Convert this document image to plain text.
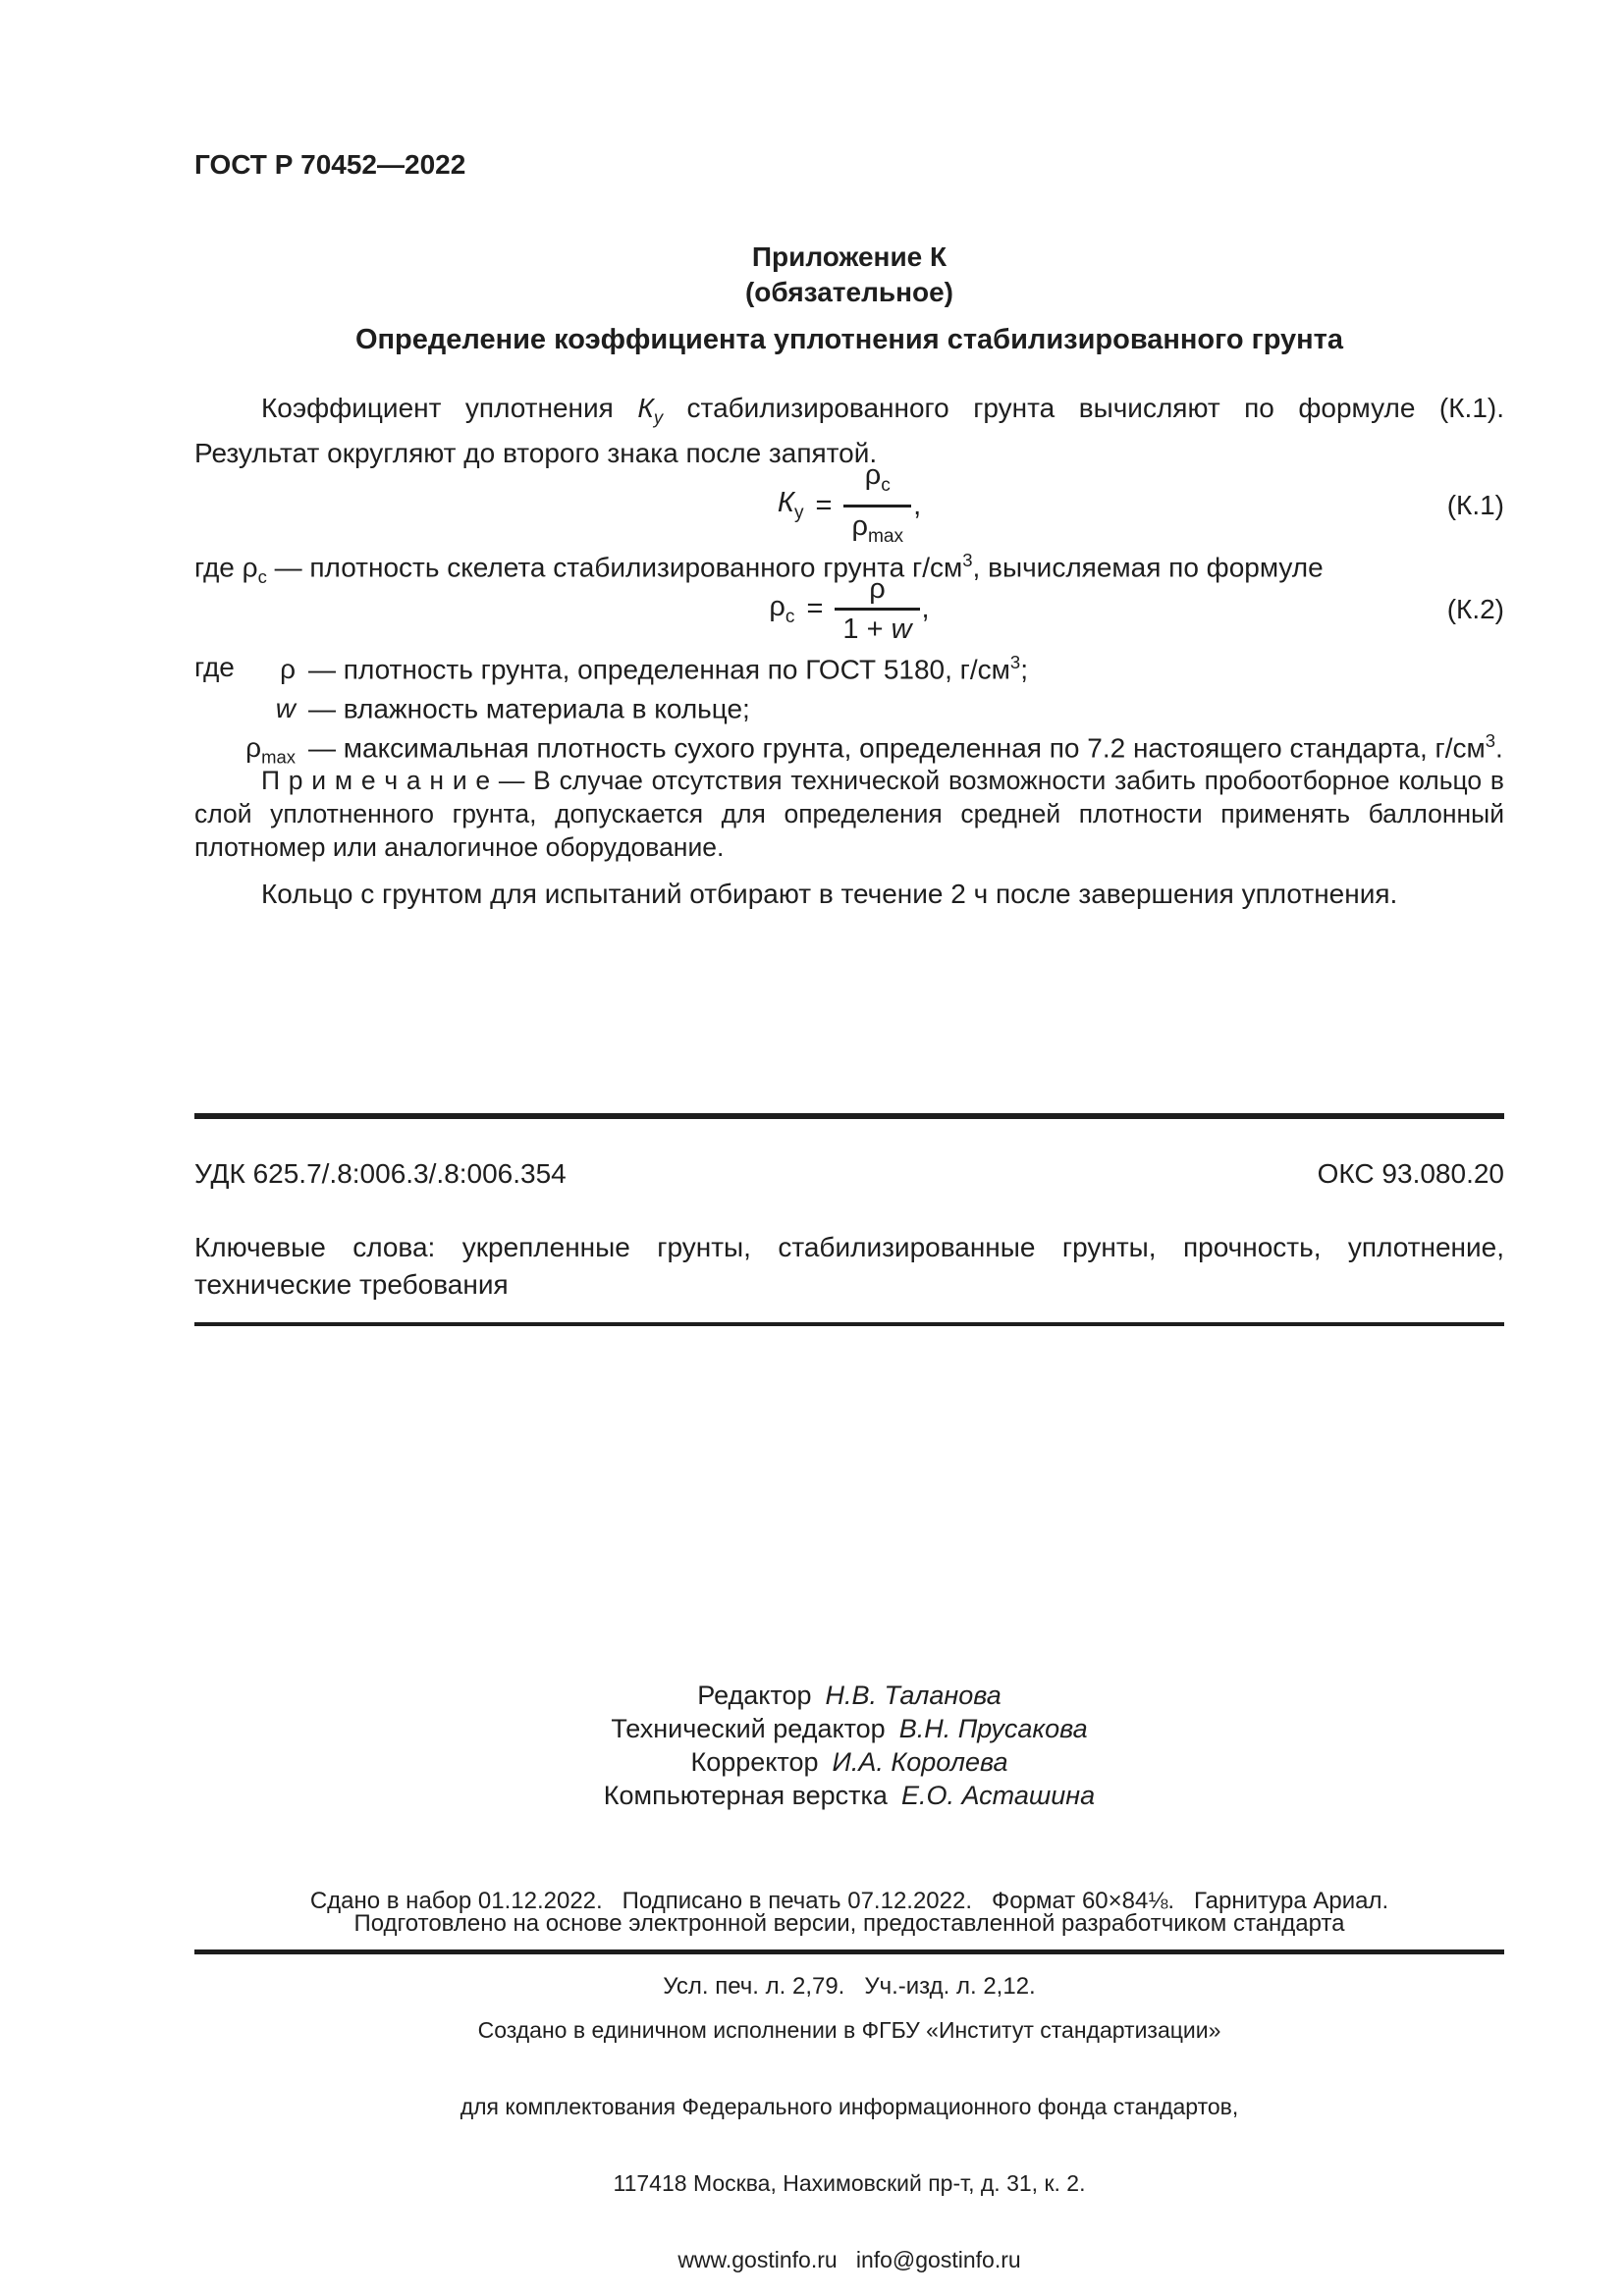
ГОСТ Р 70452—2022
Приложение К
(обязательное)
Определение коэффициента уплотнения стабилизированного грунта

Коэффициент уплотнения $К_у$ стабилизированного грунта вычисляют по формуле (К.1). Результат округляют до второго знака после запятой.

$К_у = \frac{\rho_с}{\rho_{max}}$ ,	(К.1)

где $\rho_с$ — плотность скелета стабилизированного грунта $г/см^3$, вычисляемая по формуле

$\rho_с = \frac{\rho}{1 + w}$ ,	(К.2)
где	ρ — плотность грунта, определенная по ГОСТ 5180, $г/см^3$;
w — влажность материала в кольце;
$\rho_{max}$ — максимальная плотность сухого грунта, определенная по 7.2 настоящего стандарта, $г/см^3$.

П р и м е ч а н и е — В случае отсутствия технической возможности забить пробоотборное кольцо в слой уплотненного грунта, допускается для определения средней плотности применять баллонный плотномер или аналогичное оборудование.

Кольцо с грунтом для испытаний отбирают в течение 2 ч после завершения уплотнения.

УДК 625.7/.8:006.3/.8:006.354	ОКС 93.080.20

Ключевые слова: укрепленные грунты, стабилизированные грунты, прочность, уплотнение, технические требования

Редактор Н.В. Таланова
Технический редактор В.Н. Прусакова
Корректор И.А. Королева
Компьютерная верстка Е.О. Асташина

Сдано в набор 01.12.2022.   Подписано в печать 07.12.2022.   Формат 60×84⅛.   Гарнитура Ариал.

Усл. печ. л. 2,79.   Уч.-изд. л. 2,12.

Подготовлено на основе электронной версии, предоставленной разработчиком стандарта

Создано в единичном исполнении в ФГБУ «Институт стандартизации»

для комплектования Федерального информационного фонда стандартов,

117418 Москва, Нахимовский пр-т, д. 31, к. 2.

www.gostinfo.ru   info@gostinfo.ru
